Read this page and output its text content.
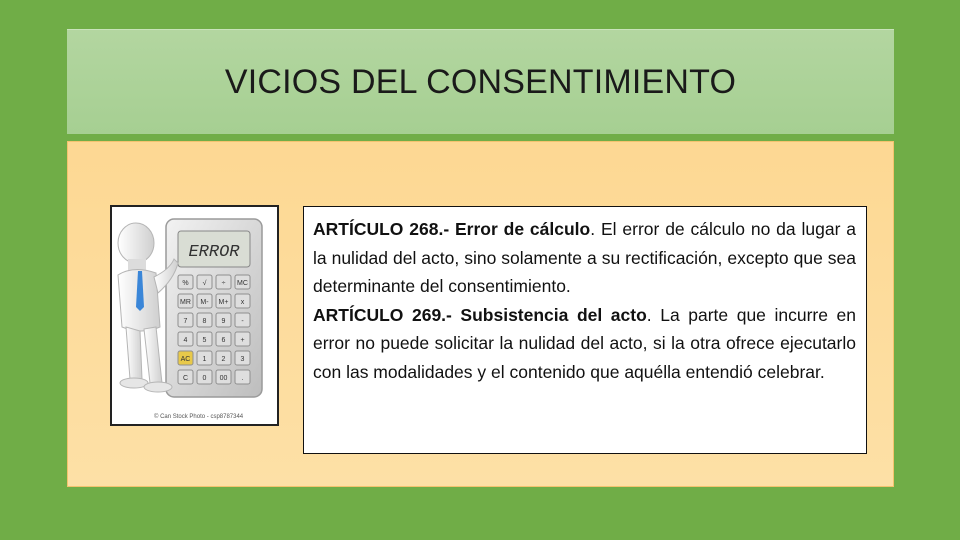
VICIOS DEL CONSENTIMIENTO
ERROR
% √ ÷ MC
MR M- M+ x
7 8 9 -
4 5 6 +
AC 1 2 3
C 0 00 .
© Can Stock Photo - csp8787344

ARTÍCULO 268.- Error de cálculo. El error de cálculo no da lugar a la nulidad del acto, sino solamente a su rectificación, excepto que sea determinante del consentimiento.

ARTÍCULO 269.- Subsistencia del acto. La parte que incurre en error no puede solicitar la nulidad del acto, si la otra ofrece ejecutarlo con las modalidades y el contenido que aquélla entendió celebrar.
